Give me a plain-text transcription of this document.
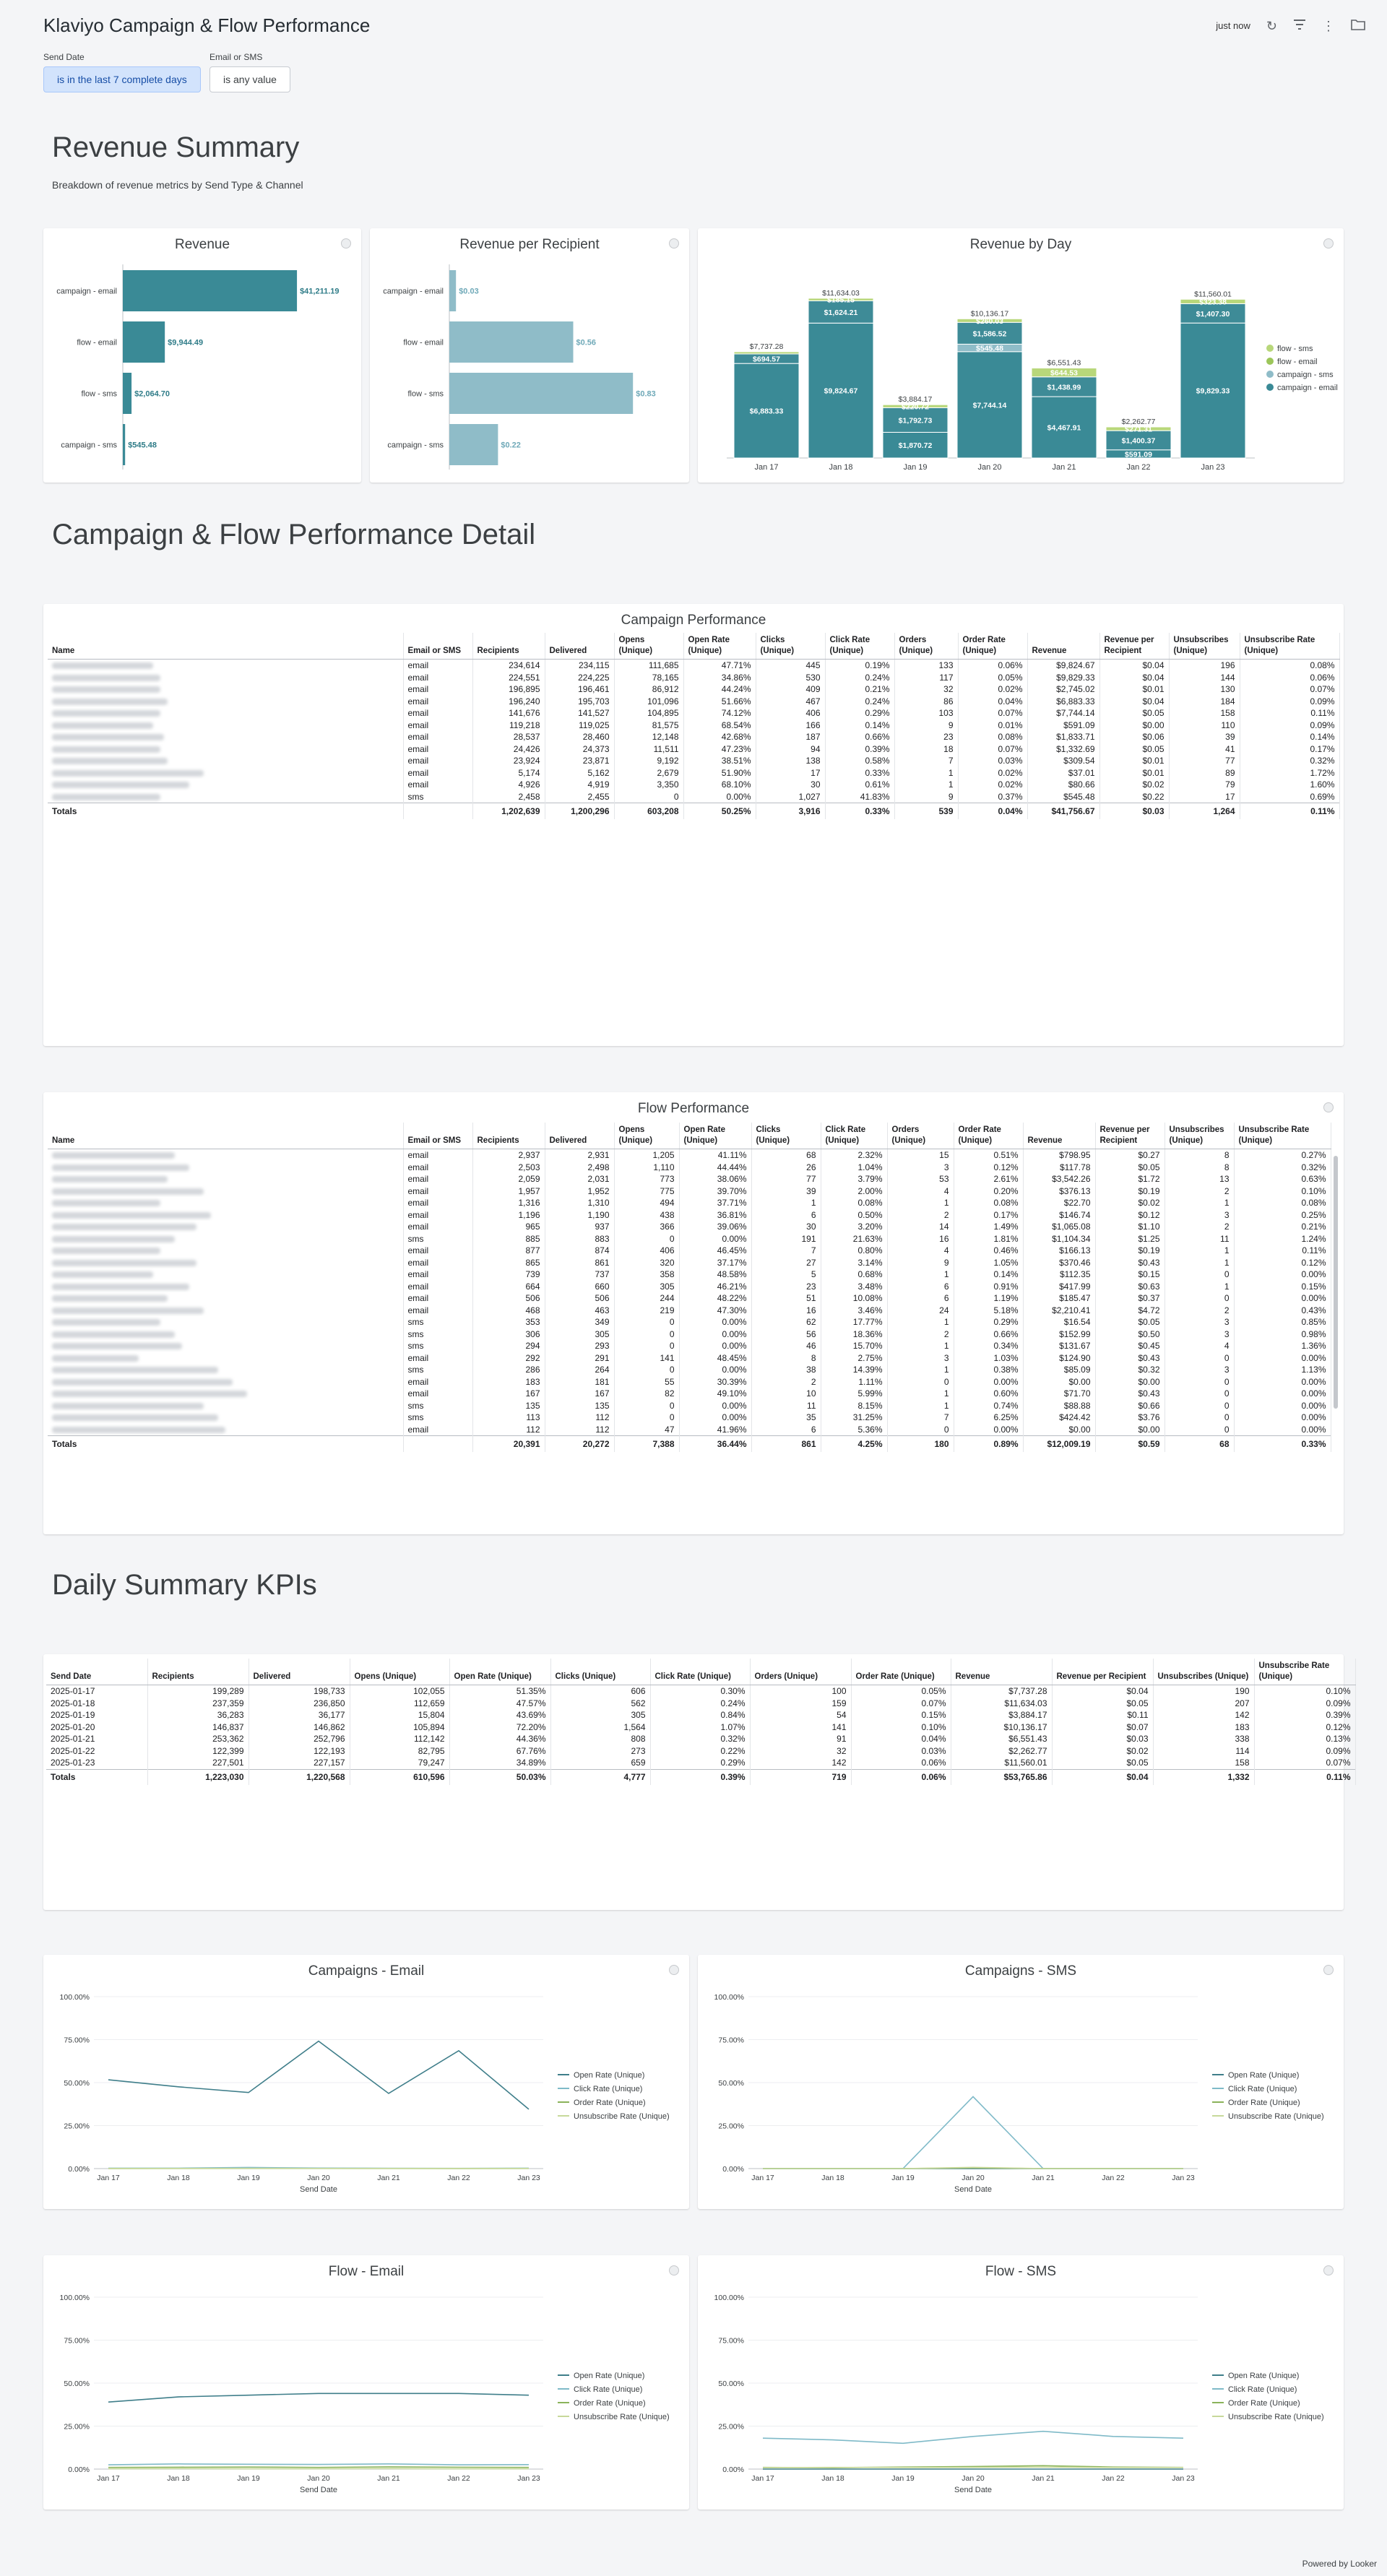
Klaviyo Campaign & Flow Performance	just now ↻	⋮
Send Date
is in the last 7 complete days
Email or SMS
is any value
Revenue Summary
Breakdown of revenue metrics by Send Type & Channel
Revenue
campaign - email	$41,211.19
flow - email	$9,944.49
flow - sms $2,064.70
campaign - sms $545.48
Revenue per Recipient
campaign - email $0.03
flow - email	$0.56
flow - sms	$0.83
campaign - sms	$0.22
Revenue by Day
$6,883.33
$694.57
$7,737.28
Jan 17
$9,824.67
$1,624.21
$185.15
$11,634.03
Jan 18
$1,870.72
$1,792.73
$220.72
$3,884.17
Jan 19
$7,744.14
$545.48
$1,586.52
$260.03
$10,136.17
Jan 20
$4,467.91
$1,438.99
$644.53
$6,551.43
Jan 21
$591.09
$1,400.37
$271.31
$2,262.77
Jan 22
$9,829.33
$1,407.30
$323.38
$11,560.01
Jan 23
flow - sms
flow - email
campaign - sms
campaign - email
Campaign & Flow Performance Detail
Campaign Performance
Name	Email or SMS	Recipients	Delivered	Opens (Unique)	Open Rate (Unique)	Clicks (Unique)	Click Rate (Unique)	Orders (Unique)	Order Rate (Unique)	Revenue	Revenue per Recipient	Unsubscribes (Unique)	Unsubscribe Rate (Unique)
	email	234,614	234,115	111,685	47.71%	445	0.19%	133	0.06%	$9,824.67	$0.04	196	0.08%
	email	224,551	224,225	78,165	34.86%	530	0.24%	117	0.05%	$9,829.33	$0.04	144	0.06%
	email	196,895	196,461	86,912	44.24%	409	0.21%	32	0.02%	$2,745.02	$0.01	130	0.07%
	email	196,240	195,703	101,096	51.66%	467	0.24%	86	0.04%	$6,883.33	$0.04	184	0.09%
	email	141,676	141,527	104,895	74.12%	406	0.29%	103	0.07%	$7,744.14	$0.05	158	0.11%
	email	119,218	119,025	81,575	68.54%	166	0.14%	9	0.01%	$591.09	$0.00	110	0.09%
	email	28,537	28,460	12,148	42.68%	187	0.66%	23	0.08%	$1,833.71	$0.06	39	0.14%
	email	24,426	24,373	11,511	47.23%	94	0.39%	18	0.07%	$1,332.69	$0.05	41	0.17%
	email	23,924	23,871	9,192	38.51%	138	0.58%	7	0.03%	$309.54	$0.01	77	0.32%
	email	5,174	5,162	2,679	51.90%	17	0.33%	1	0.02%	$37.01	$0.01	89	1.72%
	email	4,926	4,919	3,350	68.10%	30	0.61%	1	0.02%	$80.66	$0.02	79	1.60%
	sms	2,458	2,455	0	0.00%	1,027	41.83%	9	0.37%	$545.48	$0.22	17	0.69%
Totals		1,202,639	1,200,296	603,208	50.25%	3,916	0.33%	539	0.04%	$41,756.67	$0.03	1,264	0.11%
Flow Performance
Name	Email or SMS	Recipients	Delivered	Opens (Unique)	Open Rate (Unique)	Clicks (Unique)	Click Rate (Unique)	Orders (Unique)	Order Rate (Unique)	Revenue	Revenue per Recipient	Unsubscribes (Unique)	Unsubscribe Rate (Unique)
	email	2,937	2,931	1,205	41.11%	68	2.32%	15	0.51%	$798.95	$0.27	8	0.27%
	email	2,503	2,498	1,110	44.44%	26	1.04%	3	0.12%	$117.78	$0.05	8	0.32%
	email	2,059	2,031	773	38.06%	77	3.79%	53	2.61%	$3,542.26	$1.72	13	0.63%
	email	1,957	1,952	775	39.70%	39	2.00%	4	0.20%	$376.13	$0.19	2	0.10%
	email	1,316	1,310	494	37.71%	1	0.08%	1	0.08%	$22.70	$0.02	1	0.08%
	email	1,196	1,190	438	36.81%	6	0.50%	2	0.17%	$146.74	$0.12	3	0.25%
	email	965	937	366	39.06%	30	3.20%	14	1.49%	$1,065.08	$1.10	2	0.21%
	sms	885	883	0	0.00%	191	21.63%	16	1.81%	$1,104.34	$1.25	11	1.24%
	email	877	874	406	46.45%	7	0.80%	4	0.46%	$166.13	$0.19	1	0.11%
	email	865	861	320	37.17%	27	3.14%	9	1.05%	$370.46	$0.43	1	0.12%
	email	739	737	358	48.58%	5	0.68%	1	0.14%	$112.35	$0.15	0	0.00%
	email	664	660	305	46.21%	23	3.48%	6	0.91%	$417.99	$0.63	1	0.15%
	email	506	506	244	48.22%	51	10.08%	6	1.19%	$185.47	$0.37	0	0.00%
	email	468	463	219	47.30%	16	3.46%	24	5.18%	$2,210.41	$4.72	2	0.43%
	sms	353	349	0	0.00%	62	17.77%	1	0.29%	$16.54	$0.05	3	0.85%
	sms	306	305	0	0.00%	56	18.36%	2	0.66%	$152.99	$0.50	3	0.98%
	sms	294	293	0	0.00%	46	15.70%	1	0.34%	$131.67	$0.45	4	1.36%
	email	292	291	141	48.45%	8	2.75%	3	1.03%	$124.90	$0.43	0	0.00%
	sms	286	264	0	0.00%	38	14.39%	1	0.38%	$85.09	$0.32	3	1.13%
	email	183	181	55	30.39%	2	1.11%	0	0.00%	$0.00	$0.00	0	0.00%
	email	167	167	82	49.10%	10	5.99%	1	0.60%	$71.70	$0.43	0	0.00%
	sms	135	135	0	0.00%	11	8.15%	1	0.74%	$88.88	$0.66	0	0.00%
	sms	113	112	0	0.00%	35	31.25%	7	6.25%	$424.42	$3.76	0	0.00%
	email	112	112	47	41.96%	6	5.36%	0	0.00%	$0.00	$0.00	0	0.00%
Totals		20,391	20,272	7,388	36.44%	861	4.25%	180	0.89%	$12,009.19	$0.59	68	0.33%
Daily Summary KPIs
Send Date	Recipients	Delivered	Opens (Unique)	Open Rate (Unique)	Clicks (Unique)	Click Rate (Unique)	Orders (Unique)	Order Rate (Unique)	Revenue	Revenue per Recipient	Unsubscribes (Unique)	Unsubscribe Rate (Unique)
2025-01-17	199,289	198,733	102,055	51.35%	606	0.30%	100	0.05%	$7,737.28	$0.04	190	0.10%
2025-01-18	237,359	236,850	112,659	47.57%	562	0.24%	159	0.07%	$11,634.03	$0.05	207	0.09%
2025-01-19	36,283	36,177	15,804	43.69%	305	0.84%	54	0.15%	$3,884.17	$0.11	142	0.39%
2025-01-20	146,837	146,862	105,894	72.20%	1,564	1.07%	141	0.10%	$10,136.17	$0.07	183	0.12%
2025-01-21	253,362	252,796	112,142	44.36%	808	0.32%	91	0.04%	$6,551.43	$0.03	338	0.13%
2025-01-22	122,399	122,193	82,795	67.76%	273	0.22%	32	0.03%	$2,262.77	$0.02	114	0.09%
2025-01-23	227,501	227,157	79,247	34.89%	659	0.29%	142	0.06%	$11,560.01	$0.05	158	0.07%
Totals	1,223,030	1,220,568	610,596	50.03%	4,777	0.39%	719	0.06%	$53,765.86	$0.04	1,332	0.11%
Campaigns - Email
0.00%
25.00%
50.00%
75.00%
100.00%
Jan 17	Jan 18	Jan 19	Jan 20	Jan 21	Jan 22	Jan 23
Send Date
Open Rate (Unique)
Click Rate (Unique)
Order Rate (Unique)
Unsubscribe Rate (Unique)
Campaigns - SMS
0.00%
25.00%
50.00%
75.00%
100.00%
Jan 17	Jan 18	Jan 19	Jan 20	Jan 21	Jan 22	Jan 23
Send Date
Open Rate (Unique)
Click Rate (Unique)
Order Rate (Unique)
Unsubscribe Rate (Unique)
Flow - Email
0.00%
25.00%
50.00%
75.00%
100.00%
Jan 17	Jan 18	Jan 19	Jan 20	Jan 21	Jan 22	Jan 23
Send Date
Open Rate (Unique)
Click Rate (Unique)
Order Rate (Unique)
Unsubscribe Rate (Unique)
Flow - SMS
0.00%
25.00%
50.00%
75.00%
100.00%
Jan 17	Jan 18	Jan 19	Jan 20	Jan 21	Jan 22	Jan 23
Send Date
Open Rate (Unique)
Click Rate (Unique)
Order Rate (Unique)
Unsubscribe Rate (Unique)
Powered by Looker
